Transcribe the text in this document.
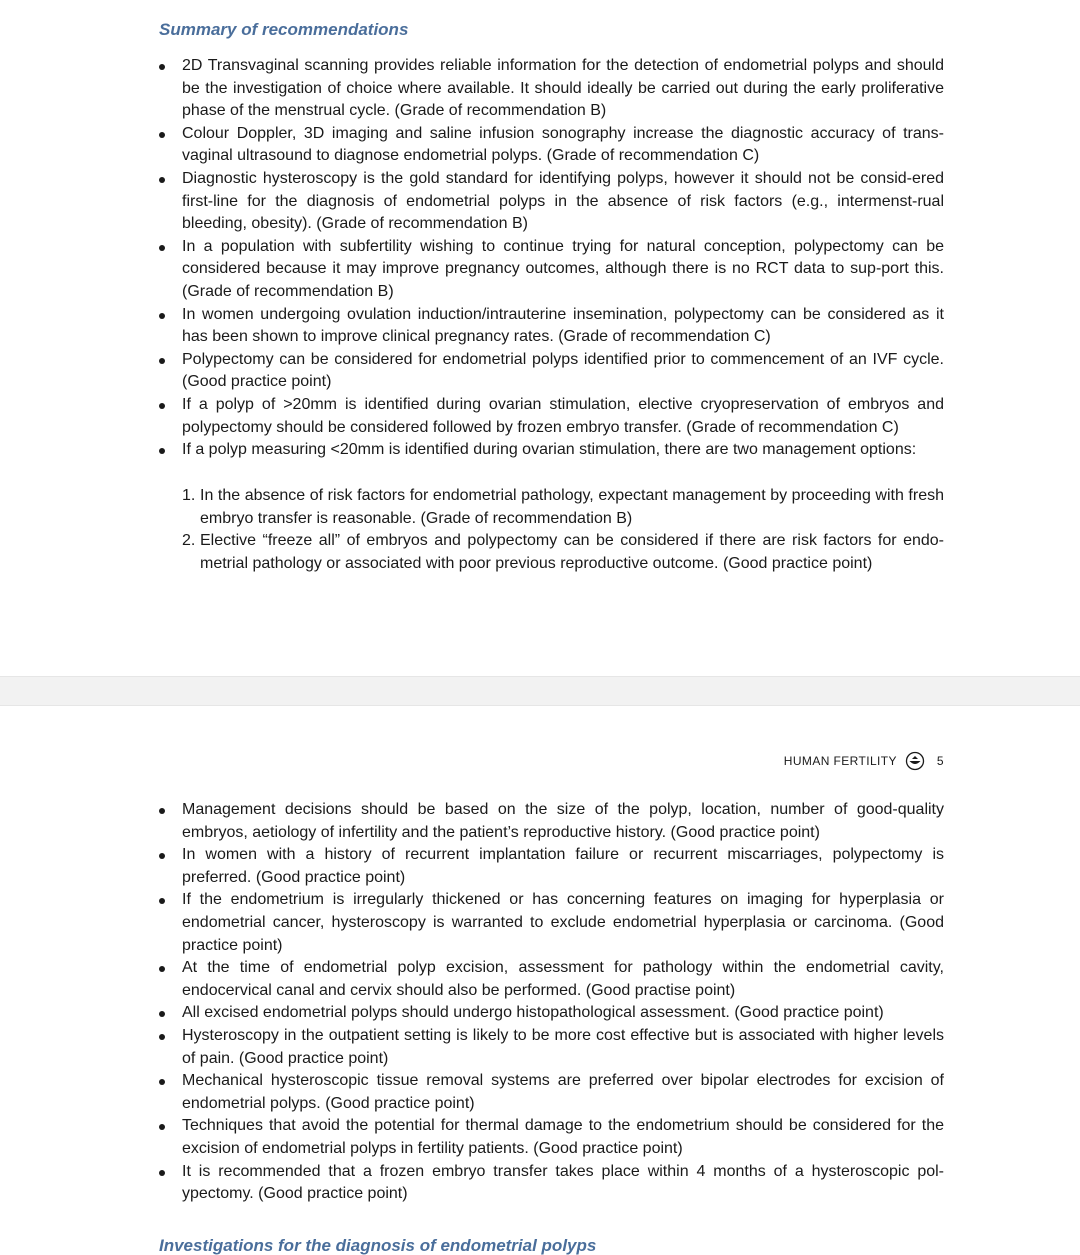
Summary of recommendations
2D Transvaginal scanning provides reliable information for the detection of endometrial polyps and should be the investigation of choice where available. It should ideally be carried out during the early proliferative phase of the menstrual cycle. (Grade of recommendation B)
Colour Doppler, 3D imaging and saline infusion sonography increase the diagnostic accuracy of trans-vaginal ultrasound to diagnose endometrial polyps. (Grade of recommendation C)
Diagnostic hysteroscopy is the gold standard for identifying polyps, however it should not be consid-ered first-line for the diagnosis of endometrial polyps in the absence of risk factors (e.g., intermenst-rual bleeding, obesity). (Grade of recommendation B)
In a population with subfertility wishing to continue trying for natural conception, polypectomy can be considered because it may improve pregnancy outcomes, although there is no RCT data to sup-port this. (Grade of recommendation B)
In women undergoing ovulation induction/intrauterine insemination, polypectomy can be considered as it has been shown to improve clinical pregnancy rates. (Grade of recommendation C)
Polypectomy can be considered for endometrial polyps identified prior to commencement of an IVF cycle. (Good practice point)
If a polyp of >20mm is identified during ovarian stimulation, elective cryopreservation of embryos and polypectomy should be considered followed by frozen embryo transfer. (Grade of recommendation C)
If a polyp measuring <20mm is identified during ovarian stimulation, there are two management options:
1. In the absence of risk factors for endometrial pathology, expectant management by proceeding with fresh embryo transfer is reasonable. (Grade of recommendation B)
2. Elective “freeze all” of embryos and polypectomy can be considered if there are risk factors for endo-metrial pathology or associated with poor previous reproductive outcome. (Good practice point)
HUMAN FERTILITY	5
Management decisions should be based on the size of the polyp, location, number of good-quality embryos, aetiology of infertility and the patient’s reproductive history. (Good practice point)
In women with a history of recurrent implantation failure or recurrent miscarriages, polypectomy is preferred. (Good practice point)
If the endometrium is irregularly thickened or has concerning features on imaging for hyperplasia or endometrial cancer, hysteroscopy is warranted to exclude endometrial hyperplasia or carcinoma. (Good practice point)
At the time of endometrial polyp excision, assessment for pathology within the endometrial cavity, endocervical canal and cervix should also be performed. (Good practise point)
All excised endometrial polyps should undergo histopathological assessment. (Good practice point)
Hysteroscopy in the outpatient setting is likely to be more cost effective but is associated with higher levels of pain. (Good practice point)
Mechanical hysteroscopic tissue removal systems are preferred over bipolar electrodes for excision of endometrial polyps. (Good practice point)
Techniques that avoid the potential for thermal damage to the endometrium should be considered for the excision of endometrial polyps in fertility patients. (Good practice point)
It is recommended that a frozen embryo transfer takes place within 4 months of a hysteroscopic pol-ypectomy. (Good practice point)
Investigations for the diagnosis of endometrial polyps
